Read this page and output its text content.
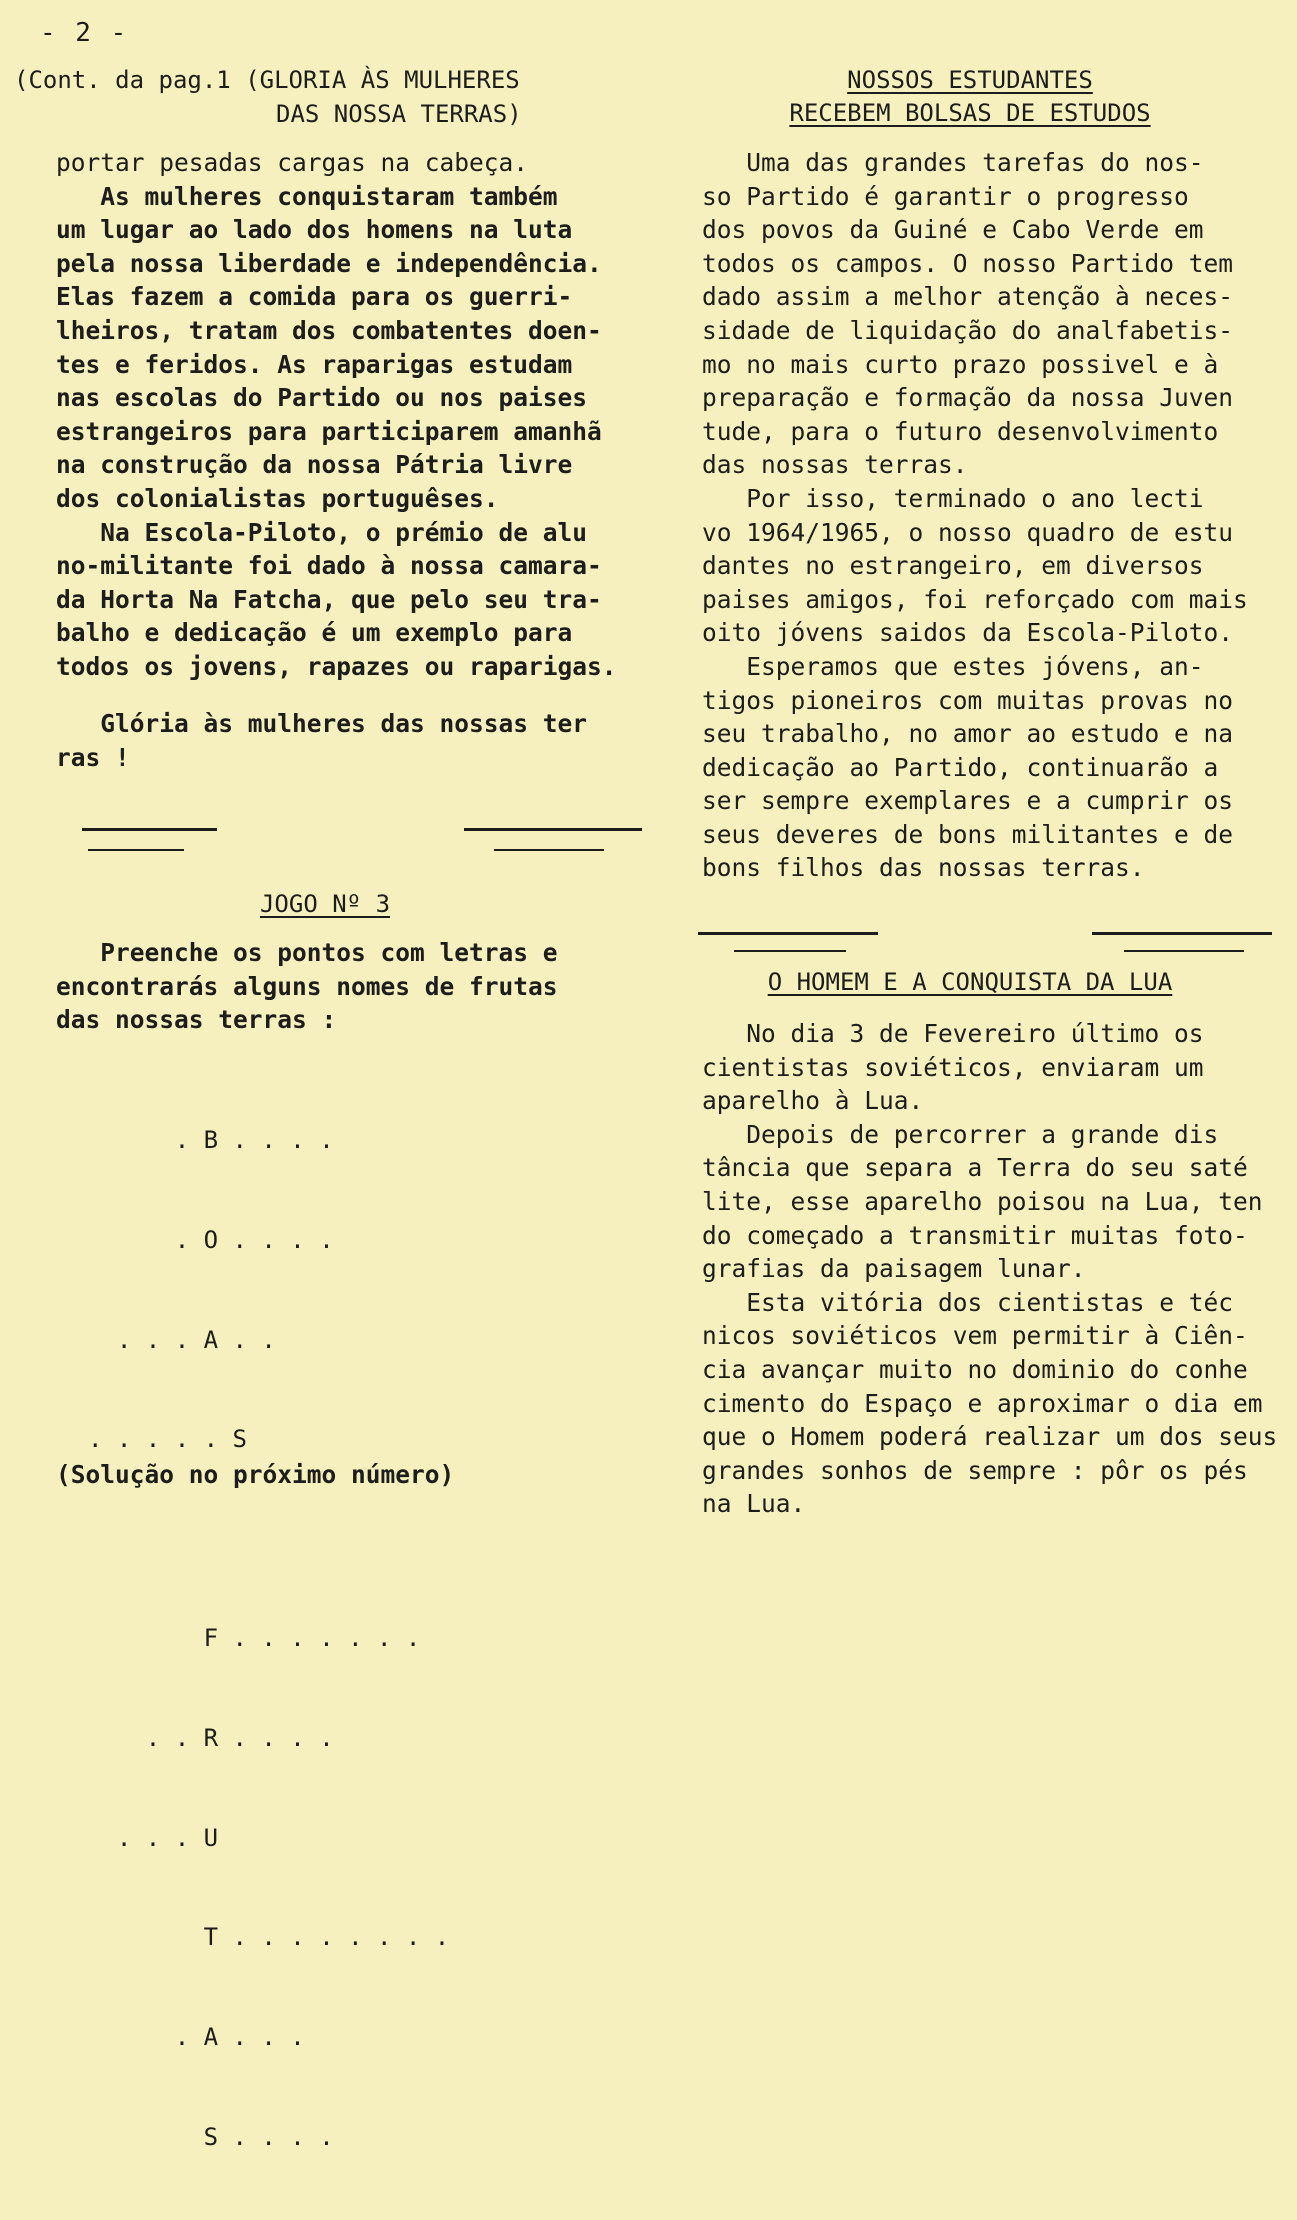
- 2 -
(Cont. da pag.1 (GLORIA ÀS MULHERES
DAS NOSSA TERRAS)
portar pesadas cargas na cabeça.
As mulheres conquistaram também
um lugar ao lado dos homens na luta
pela nossa liberdade e independência.
Elas fazem a comida para os guerri-
lheiros, tratam dos combatentes doen-
tes e feridos. As raparigas estudam
nas escolas do Partido ou nos paises
estrangeiros para participarem amanhã
na construção da nossa Pátria livre
dos colonialistas portuguêses.
Na Escola-Piloto, o prémio de alu
no-militante foi dado à nossa camara-
da Horta Na Fatcha, que pelo seu tra-
balho e dedicação é um exemplo para
todos os jovens, rapazes ou raparigas.
Glória às mulheres das nossas ter
ras !
JOGO Nº 3
Preenche os pontos com letras e
encontrarás alguns nomes de frutas
das nossas terras :

. B . . . .

. O . . . .

. . . A . .

. . . . . S

F . . . . . . .

. . R . . . .

. . . U

T . . . . . . . .

. A . . .

S . . . .

(Solução no próximo número)
NOSSOS ESTUDANTES
RECEBEM BOLSAS DE ESTUDOS
Uma das grandes tarefas do nos-
so Partido é garantir o progresso
dos povos da Guiné e Cabo Verde em
todos os campos. O nosso Partido tem
dado assim a melhor atenção à neces-
sidade de liquidação do analfabetis-
mo no mais curto prazo possivel e à
preparação e formação da nossa Juven
tude, para o futuro desenvolvimento
das nossas terras.
Por isso, terminado o ano lecti
vo 1964/1965, o nosso quadro de estu
dantes no estrangeiro, em diversos
paises amigos, foi reforçado com mais
oito jóvens saidos da Escola-Piloto.
Esperamos que estes jóvens, an-
tigos pioneiros com muitas provas no
seu trabalho, no amor ao estudo e na
dedicação ao Partido, continuarão a
ser sempre exemplares e a cumprir os
seus deveres de bons militantes e de
bons filhos das nossas terras.
O HOMEM E A CONQUISTA DA LUA
No dia 3 de Fevereiro último os
cientistas soviéticos, enviaram um
aparelho à Lua.
Depois de percorrer a grande dis
tância que separa a Terra do seu saté
lite, esse aparelho poisou na Lua, ten
do começado a transmitir muitas foto-
grafias da paisagem lunar.
Esta vitória dos cientistas e téc
nicos soviéticos vem permitir à Ciên-
cia avançar muito no dominio do conhe
cimento do Espaço e aproximar o dia em
que o Homem poderá realizar um dos seus
grandes sonhos de sempre : pôr os pés
na Lua.
